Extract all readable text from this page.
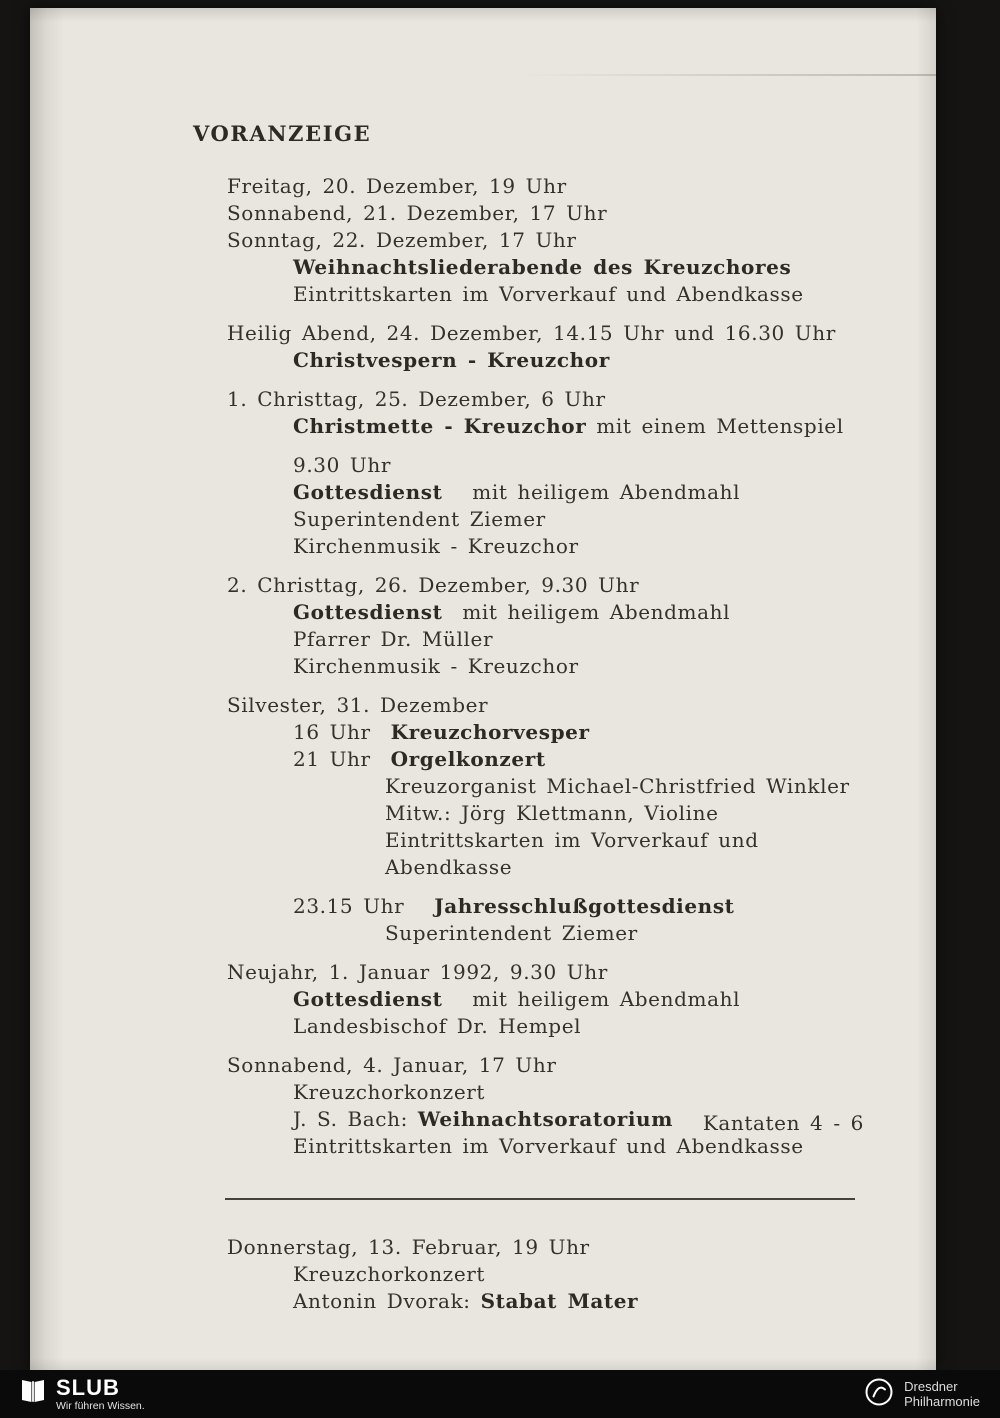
VORANZEIGE
Freitag, 20. Dezember, 19 Uhr
Sonnabend, 21. Dezember, 17 Uhr
Sonntag, 22. Dezember, 17 Uhr
Weihnachtsliederabende des Kreuzchores
Eintrittskarten im Vorverkauf und Abendkasse
Heilig Abend, 24. Dezember, 14.15 Uhr und 16.30 Uhr
Christvespern - Kreuzchor
1. Christtag, 25. Dezember, 6 Uhr
Christmette - Kreuzchor mit einem Mettenspiel
9.30 Uhr
Gottesdienst   mit heiligem Abendmahl
Superintendent Ziemer
Kirchenmusik - Kreuzchor
2. Christtag, 26. Dezember, 9.30 Uhr
Gottesdienst  mit heiligem Abendmahl
Pfarrer Dr. Müller
Kirchenmusik - Kreuzchor
Silvester, 31. Dezember
16 Uhr  Kreuzchorvesper
21 Uhr  Orgelkonzert
Kreuzorganist Michael-Christfried Winkler
Mitw.: Jörg Klettmann, Violine
Eintrittskarten im Vorverkauf und
Abendkasse
23.15 Uhr   Jahresschlußgottesdienst
Superintendent Ziemer
Neujahr, 1. Januar 1992, 9.30 Uhr
Gottesdienst   mit heiligem Abendmahl
Landesbischof Dr. Hempel
Sonnabend, 4. Januar, 17 Uhr
Kreuzchorkonzert
J. S. Bach: Weihnachtsoratorium Kantaten 4 - 6
Eintrittskarten im Vorverkauf und Abendkasse
Donnerstag, 13. Februar, 19 Uhr
Kreuzchorkonzert
Antonin Dvorak: Stabat Mater
SLUB
Wir führen Wissen.
Dresdner
Philharmonie
